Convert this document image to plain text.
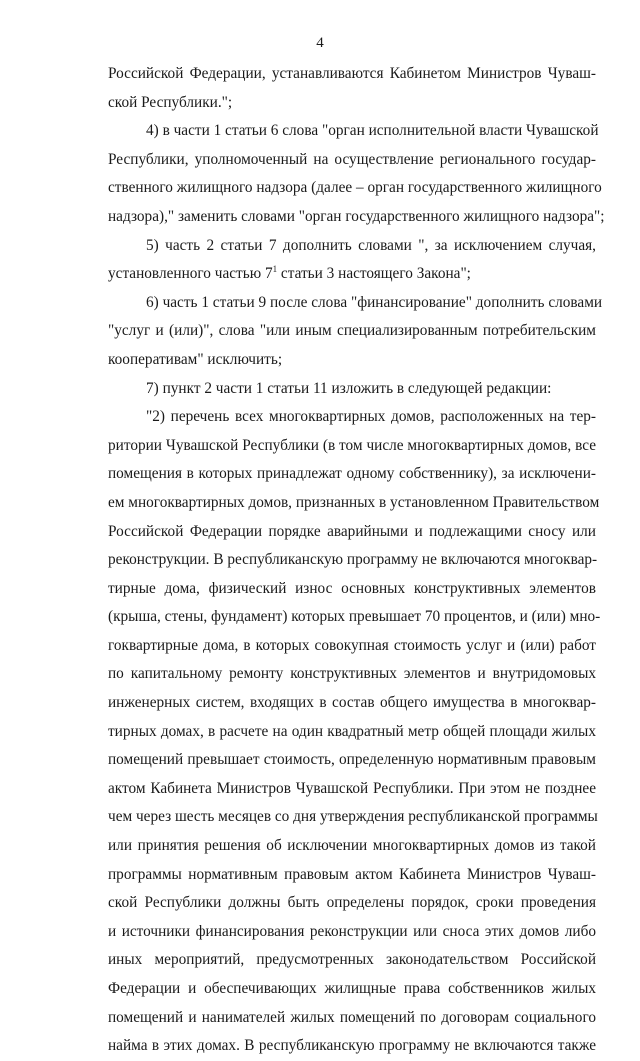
4
Российской Федерации, устанавливаются Кабинетом Министров Чуваш-
ской Республики.";
4) в части 1 статьи 6 слова "орган исполнительной власти Чувашской
Республики, уполномоченный на осуществление регионального государ-
ственного жилищного надзора (далее – орган государственного жилищного
надзора)," заменить словами "орган государственного жилищного надзора";
5) часть 2 статьи 7 дополнить словами ", за исключением случая,
установленного частью $7^1$ статьи 3 настоящего Закона";
6) часть 1 статьи 9 после слова "финансирование" дополнить словами
"услуг и (или)", слова "или иным специализированным потребительским
кооперативам" исключить;
7) пункт 2 части 1 статьи 11 изложить в следующей редакции:
"2) перечень всех многоквартирных домов, расположенных на тер-
ритории Чувашской Республики (в том числе многоквартирных домов, все
помещения в которых принадлежат одному собственнику), за исключени-
ем многоквартирных домов, признанных в установленном Правительством
Российской Федерации порядке аварийными и подлежащими сносу или
реконструкции. В республиканскую программу не включаются многоквар-
тирные дома, физический износ основных конструктивных элементов
(крыша, стены, фундамент) которых превышает 70 процентов, и (или) мно-
гоквартирные дома, в которых совокупная стоимость услуг и (или) работ
по капитальному ремонту конструктивных элементов и внутридомовых
инженерных систем, входящих в состав общего имущества в многоквар-
тирных домах, в расчете на один квадратный метр общей площади жилых
помещений превышает стоимость, определенную нормативным правовым
актом Кабинета Министров Чувашской Республики. При этом не позднее
чем через шесть месяцев со дня утверждения республиканской программы
или принятия решения об исключении многоквартирных домов из такой
программы нормативным правовым актом Кабинета Министров Чуваш-
ской Республики должны быть определены порядок, сроки проведения
и источники финансирования реконструкции или сноса этих домов либо
иных мероприятий, предусмотренных законодательством Российской
Федерации и обеспечивающих жилищные права собственников жилых
помещений и нанимателей жилых помещений по договорам социального
найма в этих домах. В республиканскую программу не включаются также
